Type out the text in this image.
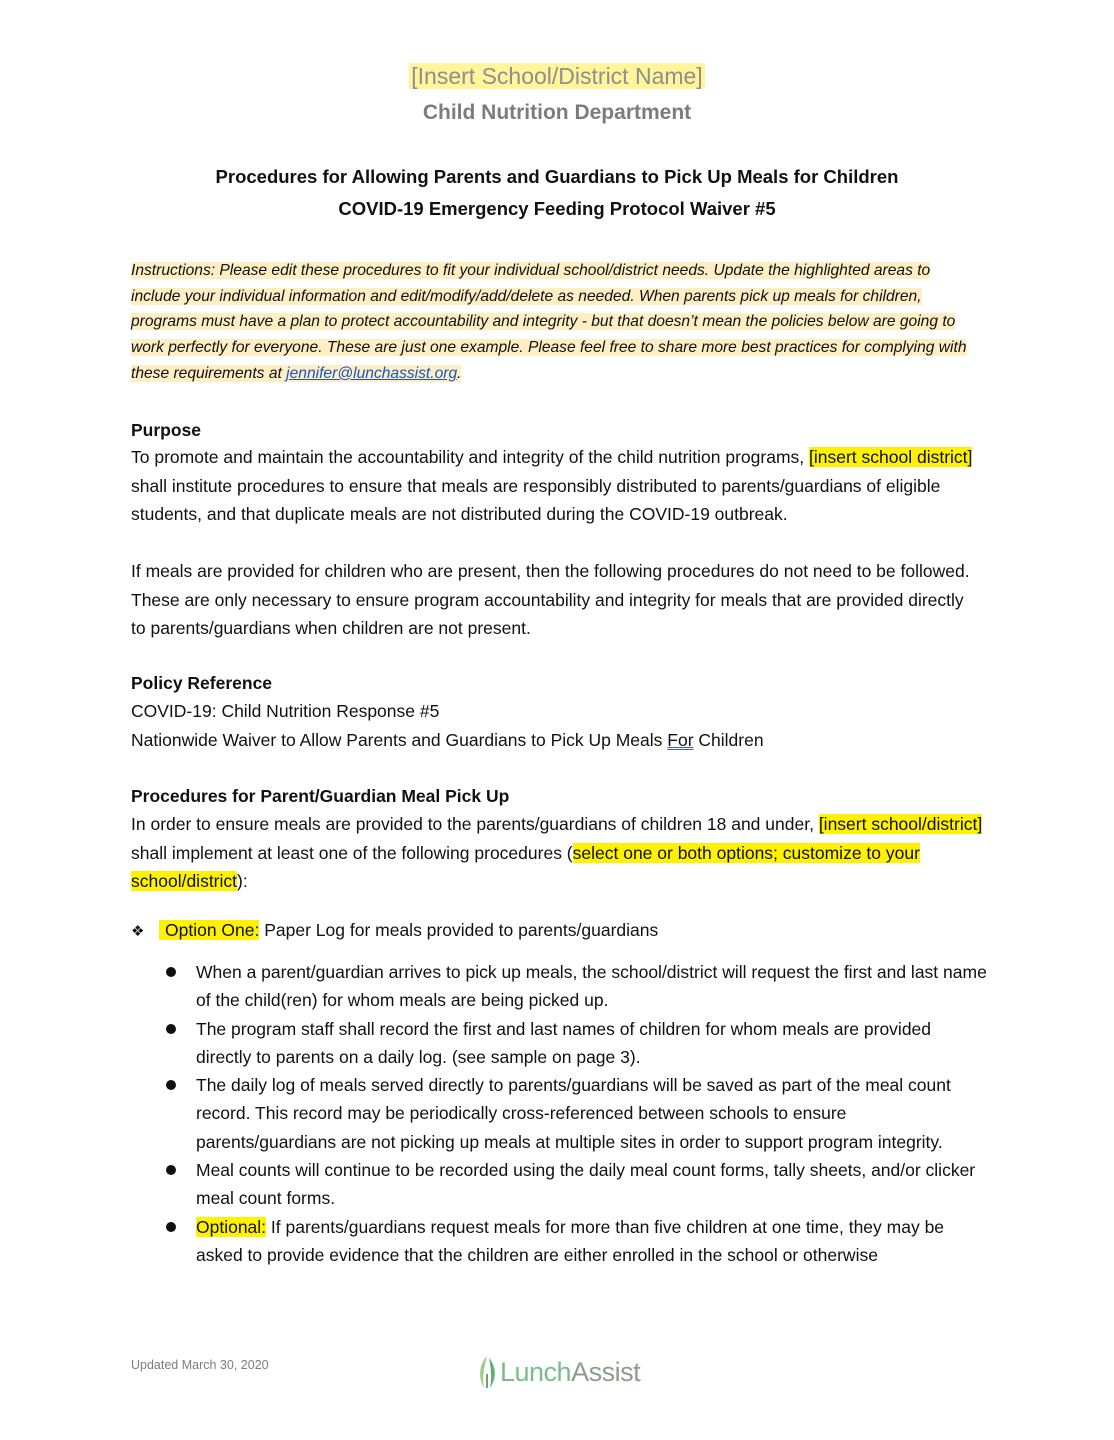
[Insert School/District Name]
Child Nutrition Department
Procedures for Allowing Parents and Guardians to Pick Up Meals for Children
COVID-19 Emergency Feeding Protocol Waiver #5
Instructions: Please edit these procedures to fit your individual school/district needs. Update the highlighted areas to include your individual information and edit/modify/add/delete as needed. When parents pick up meals for children, programs must have a plan to protect accountability and integrity - but that doesn’t mean the policies below are going to work perfectly for everyone. These are just one example. Please feel free to share more best practices for complying with these requirements at jennifer@lunchassist.org.
Purpose
To promote and maintain the accountability and integrity of the child nutrition programs, [insert school district] shall institute procedures to ensure that meals are responsibly distributed to parents/guardians of eligible students, and that duplicate meals are not distributed during the COVID-19 outbreak.
If meals are provided for children who are present, then the following procedures do not need to be followed. These are only necessary to ensure program accountability and integrity for meals that are provided directly to parents/guardians when children are not present.
Policy Reference
COVID-19: Child Nutrition Response #5
Nationwide Waiver to Allow Parents and Guardians to Pick Up Meals For Children
Procedures for Parent/Guardian Meal Pick Up
In order to ensure meals are provided to the parents/guardians of children 18 and under, [insert school/district] shall implement at least one of the following procedures (select one or both options; customize to your school/district):
❖ Option One: Paper Log for meals provided to parents/guardians
When a parent/guardian arrives to pick up meals, the school/district will request the first and last name of the child(ren) for whom meals are being picked up.
The program staff shall record the first and last names of children for whom meals are provided directly to parents on a daily log. (see sample on page 3).
The daily log of meals served directly to parents/guardians will be saved as part of the meal count record. This record may be periodically cross-referenced between schools to ensure parents/guardians are not picking up meals at multiple sites in order to support program integrity.
Meal counts will continue to be recorded using the daily meal count forms, tally sheets, and/or clicker meal count forms.
Optional: If parents/guardians request meals for more than five children at one time, they may be asked to provide evidence that the children are either enrolled in the school or otherwise
Updated March 30, 2020	LunchAssist
